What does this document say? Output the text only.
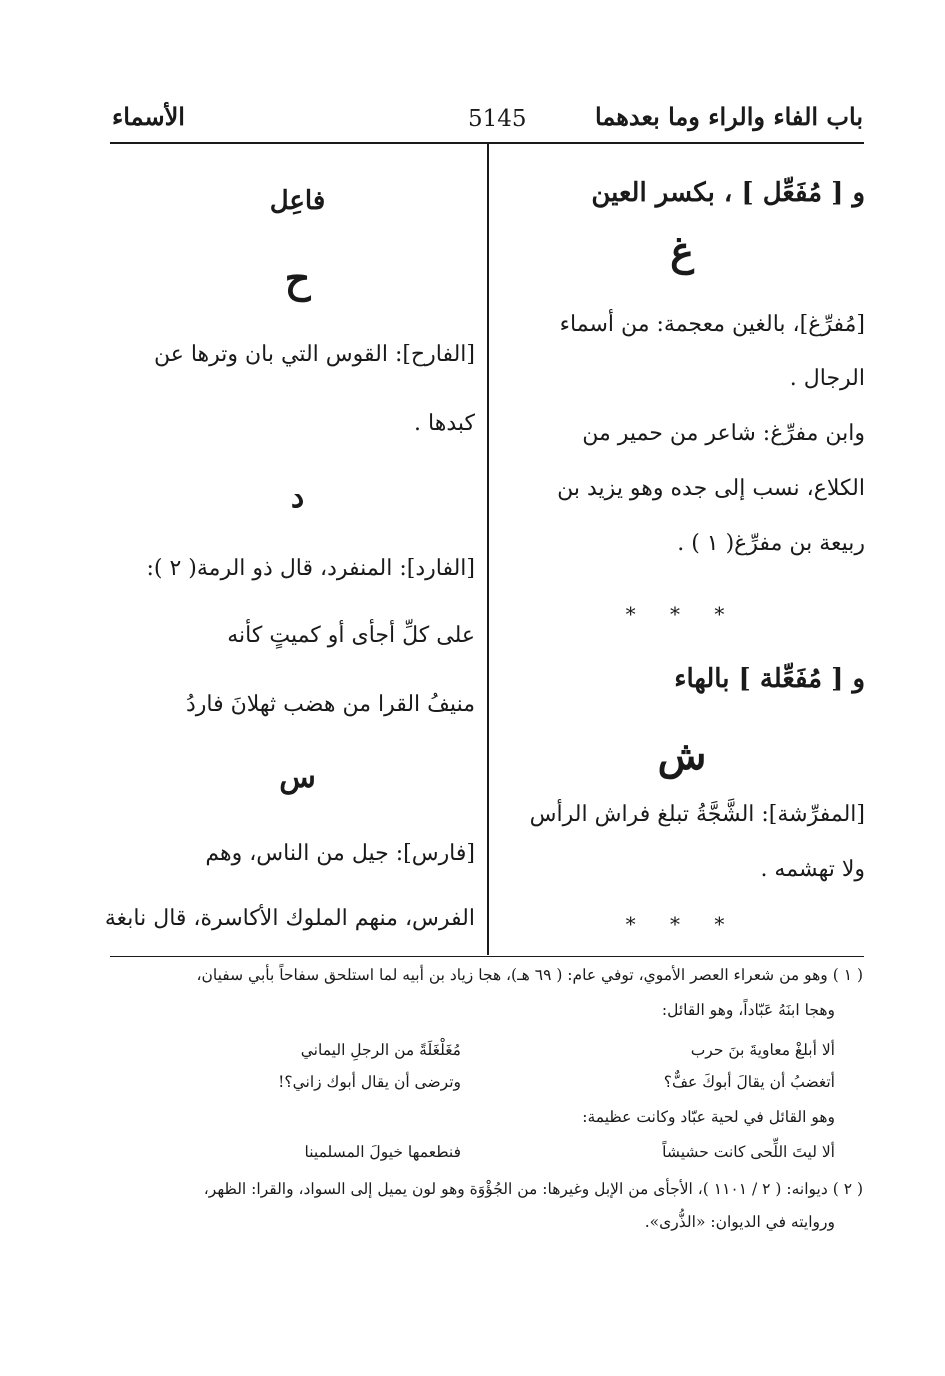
باب الفاء والراء وما بعدهما
5145
الأسماء
و [ مُفَعِّل ] ، بكسر العين
غ
[مُفرِّغ]، بالغين معجمة: من أسماء
الرجال .
وابن مفرِّغ: شاعر من حمير من
الكلاع، نسب إلى جده وهو يزيد بن
ربيعة بن مفرِّغ( ١ ) .
* * *
و [ مُفَعِّلة ] بالهاء
ش
[المفرِّشة]: الشَّجَّةُ تبلغ فراش الرأس
ولا تهشمه .
* * *
فاعِل
ح
[الفارح]: القوس التي بان وترها عن
كبدها .
د
[الفارد]: المنفرد، قال ذو الرمة( ٢ ):
على كلِّ أجأى أو كميتٍ كأنه
منيفُ القرا من هضب ثهلانَ فاردُ
س
[فارس]: جيل من الناس، وهم
الفرس، منهم الملوك الأكاسرة، قال نابغة
( ١ ) وهو من شعراء العصر الأموي، توفي عام: ( ٦٩ هـ)، هجا زياد بن أبيه لما استلحق سفاحاً بأبي سفيان،
وهجا ابنَهُ عَبّاداً، وهو القائل:
ألا أبلغْ معاويةَ بنَ حرب
مُغَلْغَلَةً من الرجلِ اليماني
أتغضبُ أن يقالَ أبوكَ عفٌّ؟
وترضى أن يقال أبوك زاني؟!
وهو القائل في لحية عبّاد وكانت عظيمة:
ألا ليتَ اللِّحى كانت حشيشاً
فنطعمها خيولَ المسلمينا
( ٢ ) ديوانه: ( ٢ / ١١٠١ )، الأجأى من الإبل وغيرها: من الجُؤْوَة وهو لون يميل إلى السواد، والقرا: الظهر،
وروايته في الديوان: «الذُّرى».
